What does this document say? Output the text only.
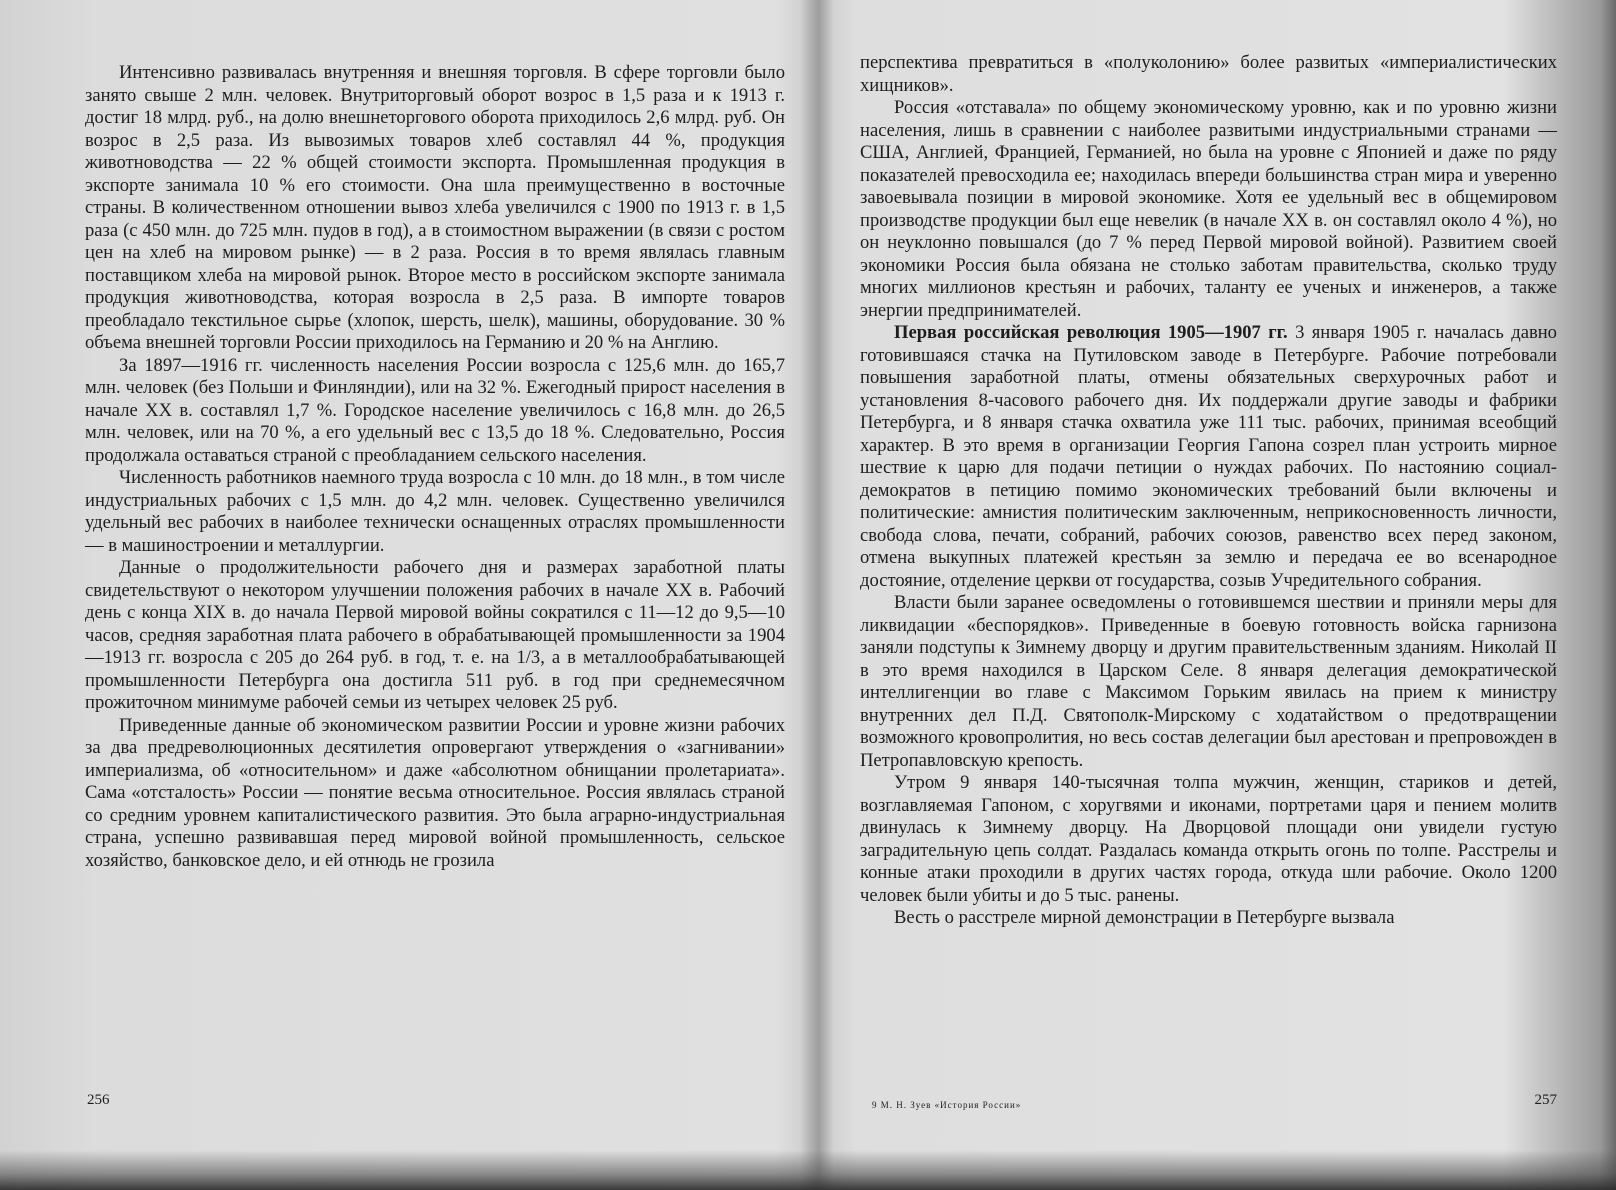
Интенсивно развивалась внутренняя и внешняя торговля. В сфере торговли было занято свыше 2 млн. человек. Внутриторговый оборот возрос в 1,5 раза и к 1913 г. достиг 18 млрд. руб., на долю внешнеторгового оборота приходилось 2,6 млрд. руб. Он возрос в 2,5 раза. Из вывозимых товаров хлеб составлял 44 %, продукция животноводства — 22 % общей стоимости экспорта. Промышленная продукция в экспорте занимала 10 % его стоимости. Она шла преимущественно в восточные страны. В количественном отношении вывоз хлеба увеличился с 1900 по 1913 г. в 1,5 раза (с 450 млн. до 725 млн. пудов в год), а в стоимостном выражении (в связи с ростом цен на хлеб на мировом рынке) — в 2 раза. Россия в то время являлась главным поставщиком хлеба на мировой рынок. Второе место в российском экспорте занимала продукция животноводства, которая возросла в 2,5 раза. В импорте товаров преобладало текстильное сырье (хлопок, шерсть, шелк), машины, оборудование. 30 % объема внешней торговли России приходилось на Германию и 20 % на Англию.

За 1897—1916 гг. численность населения России возросла с 125,6 млн. до 165,7 млн. человек (без Польши и Финляндии), или на 32 %. Ежегодный прирост населения в начале XX в. составлял 1,7 %. Городское население увеличилось с 16,8 млн. до 26,5 млн. человек, или на 70 %, а его удельный вес с 13,5 до 18 %. Следовательно, Россия продолжала оставаться страной с преобладанием сельского населения.

Численность работников наемного труда возросла с 10 млн. до 18 млн., в том числе индустриальных рабочих с 1,5 млн. до 4,2 млн. человек. Существенно увеличился удельный вес рабочих в наиболее технически оснащенных отраслях промышленности — в машиностроении и металлургии.

Данные о продолжительности рабочего дня и размерах заработной платы свидетельствуют о некотором улучшении положения рабочих в начале XX в. Рабочий день с конца XIX в. до начала Первой мировой войны сократился с 11—12 до 9,5—10 часов, средняя заработная плата рабочего в обрабатывающей промышленности за 1904—1913 гг. возросла с 205 до 264 руб. в год, т. е. на 1/3, а в металлообрабатывающей промышленности Петербурга она достигла 511 руб. в год при среднемесячном прожиточном минимуме рабочей семьи из четырех человек 25 руб.

Приведенные данные об экономическом развитии России и уровне жизни рабочих за два предреволюционных десятилетия опровергают утверждения о «загнивании» империализма, об «относительном» и даже «абсолютном обнищании пролетариата». Сама «отсталость» России — понятие весьма относительное. Россия являлась страной со средним уровнем капиталистического развития. Это была аграрно-индустриальная страна, успешно развивавшая перед мировой войной промышленность, сельское хозяйство, банковское дело, и ей отнюдь не грозила

256

перспектива превратиться в «полуколонию» более развитых «империалистических хищников».

Россия «отставала» по общему экономическому уровню, как и по уровню жизни населения, лишь в сравнении с наиболее развитыми индустриальными странами — США, Англией, Францией, Германией, но была на уровне с Японией и даже по ряду показателей превосходила ее; находилась впереди большинства стран мира и уверенно завоевывала позиции в мировой экономике. Хотя ее удельный вес в общемировом производстве продукции был еще невелик (в начале XX в. он составлял около 4 %), но он неуклонно повышался (до 7 % перед Первой мировой войной). Развитием своей экономики Россия была обязана не столько заботам правительства, сколько труду многих миллионов крестьян и рабочих, таланту ее ученых и инженеров, а также энергии предпринимателей.

Первая российская революция 1905—1907 гг. 3 января 1905 г. началась давно готовившаяся стачка на Путиловском заводе в Петербурге. Рабочие потребовали повышения заработной платы, отмены обязательных сверхурочных работ и установления 8-часового рабочего дня. Их поддержали другие заводы и фабрики Петербурга, и 8 января стачка охватила уже 111 тыс. рабочих, принимая всеобщий характер. В это время в организации Георгия Гапона созрел план устроить мирное шествие к царю для подачи петиции о нуждах рабочих. По настоянию социал-демократов в петицию помимо экономических требований были включены и политические: амнистия политическим заключенным, неприкосновенность личности, свобода слова, печати, собраний, рабочих союзов, равенство всех перед законом, отмена выкупных платежей крестьян за землю и передача ее во всенародное достояние, отделение церкви от государства, созыв Учредительного собрания.

Власти были заранее осведомлены о готовившемся шествии и приняли меры для ликвидации «беспорядков». Приведенные в боевую готовность войска гарнизона заняли подступы к Зимнему дворцу и другим правительственным зданиям. Николай II в это время находился в Царском Селе. 8 января делегация демократической интеллигенции во главе с Максимом Горьким явилась на прием к министру внутренних дел П.Д. Святополк-Мирскому с ходатайством о предотвращении возможного кровопролития, но весь состав делегации был арестован и препровожден в Петропавловскую крепость.

Утром 9 января 140-тысячная толпа мужчин, женщин, стариков и детей, возглавляемая Гапоном, с хоругвями и иконами, портретами царя и пением молитв двинулась к Зимнему дворцу. На Дворцовой площади они увидели густую заградительную цепь солдат. Раздалась команда открыть огонь по толпе. Расстрелы и конные атаки проходили в других частях города, откуда шли рабочие. Около 1200 человек были убиты и до 5 тыс. ранены.

Весть о расстреле мирной демонстрации в Петербурге вызвала

9 М. Н. Зуев «История России»	257
